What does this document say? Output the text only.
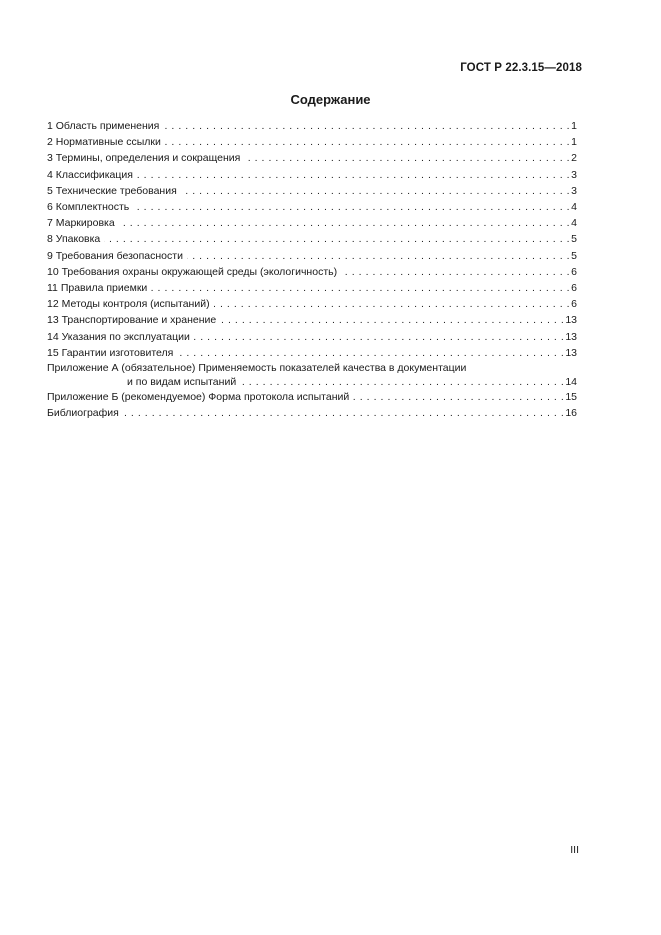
ГОСТ Р 22.3.15—2018
Содержание
1 Область применения . . .	1
2 Нормативные ссылки . . .	1
3 Термины, определения и сокращения . . .	2
4 Классификация . . .	3
5 Технические требования . . .	3
6 Комплектность . . .	4
7 Маркировка . . .	4
8 Упаковка . . .	5
9 Требования безопасности . . .	5
10 Требования охраны окружающей среды (экологичность) . . .	6
11 Правила приемки . . .	6
12 Методы контроля (испытаний) . . .	6
13 Транспортирование и хранение . . .	13
14 Указания по эксплуатации . . .	13
15 Гарантии изготовителя . . .	13
Приложение А (обязательное) Применяемость показателей качества в документации
и по видам испытаний . . .	14
Приложение Б (рекомендуемое) Форма протокола испытаний . . .	15
Библиография . . .	16
III
